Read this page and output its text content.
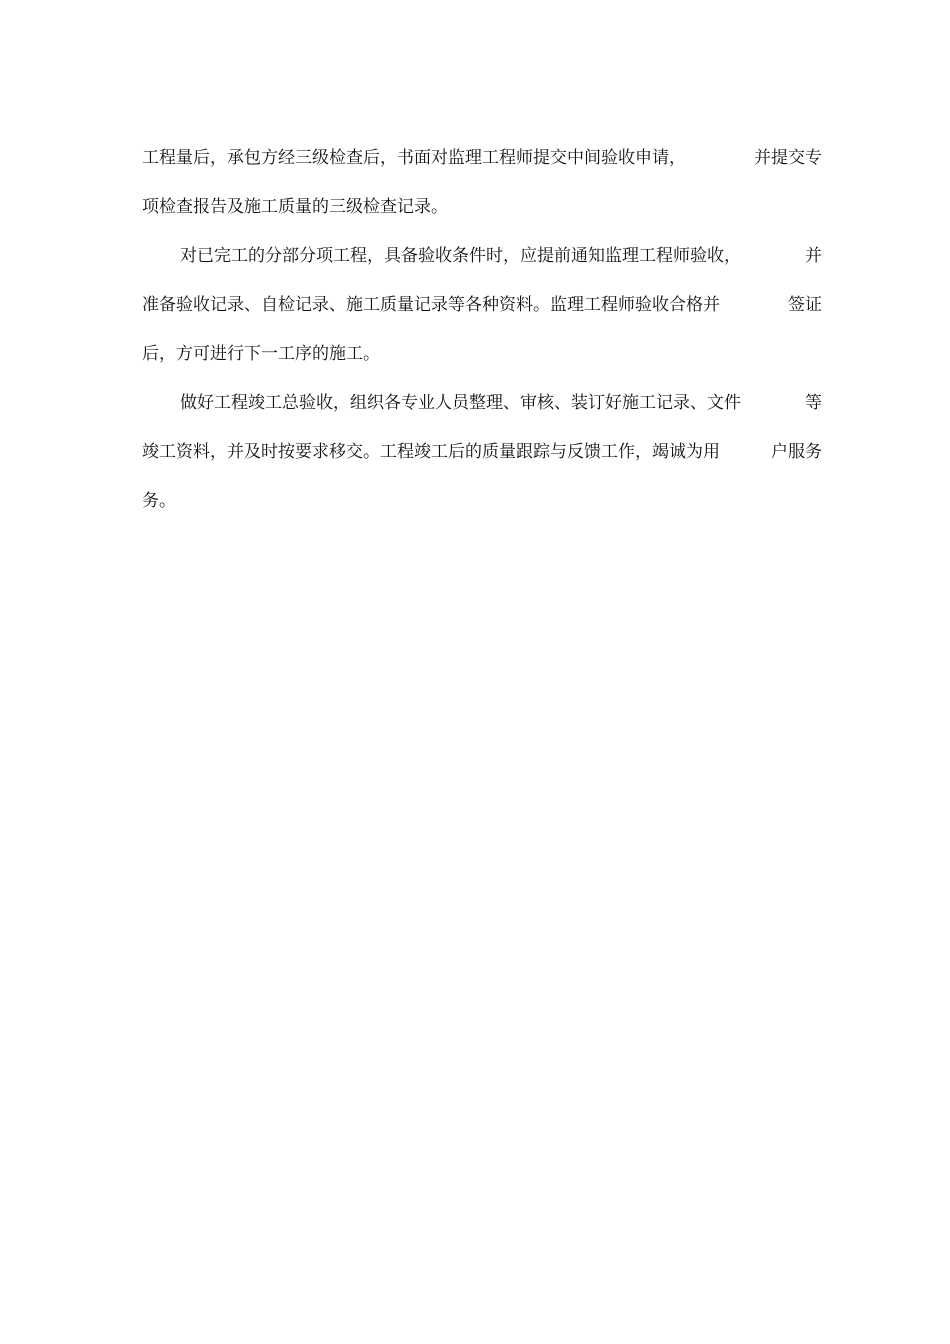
工程量后，承包方经三级检查后，书面对监理工程师提交中间验收申请，	并提交专
项检查报告及施工质量的三级检查记录。
对已完工的分部分项工程，具备验收条件时，应提前通知监理工程师验收，	并
准备验收记录、自检记录、施工质量记录等各种资料。监理工程师验收合格并	签证
后，方可进行下一工序的施工。
做好工程竣工总验收，组织各专业人员整理、审核、装订好施工记录、文件	等
竣工资料，并及时按要求移交。工程竣工后的质量跟踪与反馈工作，竭诚为用	户服务
务。
